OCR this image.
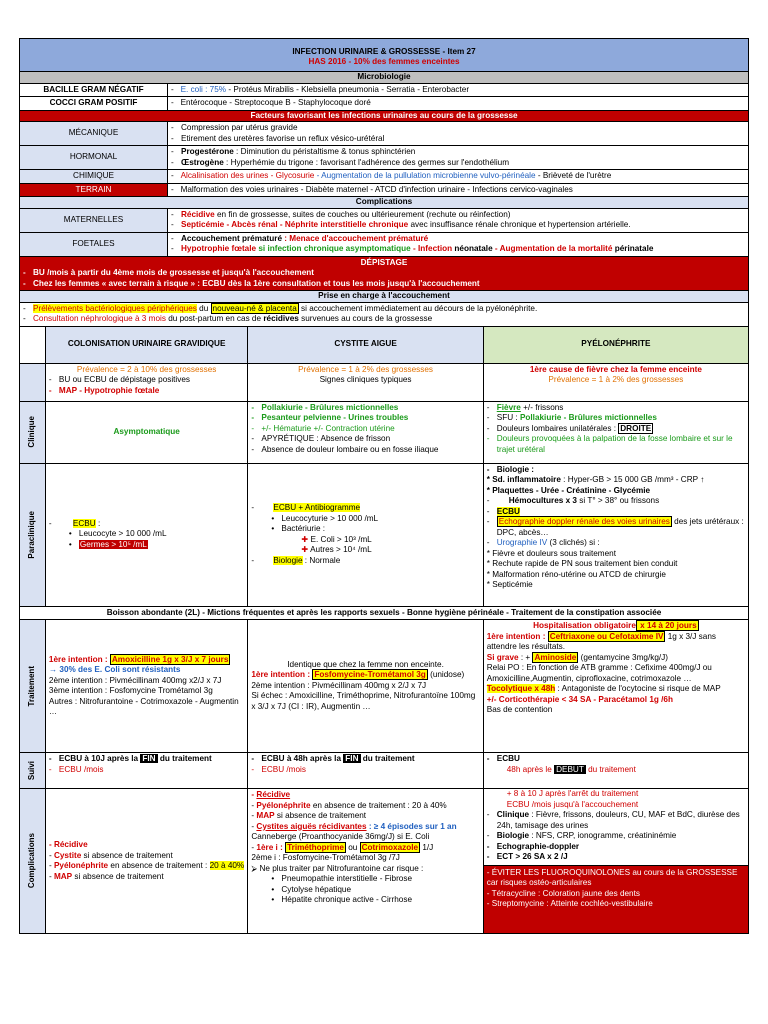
INFECTION URINAIRE & GROSSESSE - Item 27
HAS 2016 - 10% des femmes enceintes
Microbiologie
BACILLE GRAM NÉGATIF	-   E. coli : 75% - Protéus Mirabilis - Klebsiella pneumonia - Serratia - Enterobacter
COCCI GRAM POSITIF	-   Entérocoque - Streptocoque B - Staphylocoque doré
Facteurs favorisant les infections urinaires au cours de la grossesse
MÉCANIQUE
- Compression par utérus gravide
- Etirement des uretères favorise un reflux vésico-urétéral
HORMONAL
- Progestérone : Diminution du péristaltisme & tonus sphinctérien
- Œstrogène : Hyperhémie du trigone : favorisant l'adhérence des germes sur l'endothélium
CHIMIQUE	-   Alcalinisation des urines - Glycosurie - Augmentation de la pullulation microbienne vulvo-périnéale - Brièveté de l'urètre
TERRAIN	-   Malformation des voies urinaires - Diabète maternel - ATCD d'infection urinaire - Infections cervico-vaginales
Complications
MATERNELLES
- Récidive en fin de grossesse, suites de couches ou ultérieurement (rechute ou réinfection)
- Septicémie - Abcès rénal - Néphrite interstitielle chronique avec insuffisance rénale chronique et hypertension artérielle.
FOETALES
- Accouchement prématuré : Menace d'accouchement prématuré
- Hypotrophie fœtale si infection chronique asymptomatique - Infection néonatale - Augmentation de la mortalité périnatale
DÉPISTAGE
- BU /mois à partir du 4ème mois de grossesse et jusqu'à l'accouchement
- Chez les femmes « avec terrain à risque » : ECBU dès la 1ère consultation et tous les mois jusqu'à l'accouchement
Prise en charge à l'accouchement
- Prélèvements bactériologiques périphériques du nouveau-né & placenta si accouchement immédiatement au décours de la pyélonéphrite.
- Consultation néphrologique à 3 mois du post-partum en cas de récidives survenues au cours de la grossesse
COLONISATION URINAIRE GRAVIDIQUE	CYSTITE AIGUE	PYÉLONÉPHRITE
Prévalence = 2 à 10% des grossesses
- BU ou ECBU de dépistage positives
- MAP - Hypotrophie fœtale
Prévalence = 1 à 2% des grossesses
Signes cliniques typiques
1ère cause de fièvre chez la femme enceinte
Prévalence = 1 à 2% des grossesses
Clinique	Asymptomatique
- Pollakiurie - Brûlures mictionnelles
- Pesanteur pelvienne - Urines troubles
- +/- Hématurie +/- Contraction utérine
- APYRÉTIQUE : Absence de frisson
- Absence de douleur lombaire ou en fosse iliaque
- Fièvre +/- frissons
- SFU : Pollakiurie - Brûlures mictionnelles
- Douleurs lombaires unilatérales : DROITE
- Douleurs provoquées à la palpation de la fosse lombaire et sur le trajet urétéral
Paraclinique
-	ECBU :
• Leucocyte > 10 000 /mL
• Germes > 10⁵ /mL
- ECBU + Antibiogramme
• Leucocyturie > 10 000 /mL
• Bactériurie :
✚ E. Coli > 10³ /mL
✚ Autres > 10⁴ /mL
- Biologie : Normale
- Biologie :
* Sd. inflammatoire : Hyper-GB > 15 000 GB /mm³ - CRP ↑
* Plaquettes - Urée - Créatinine - Glycémie
- Hémocultures x 3 si T° > 38° ou frissons
- ECBU
- Echographie doppler rénale des voies urinaires des jets urétéraux : DPC, abcès…
- Urographie IV (3 clichés) si :
* Fièvre et douleurs sous traitement
* Rechute rapide de PN sous traitement bien conduit
* Malformation réno-utérine ou ATCD de chirurgie
* Septicémie
Boisson abondante (2L) - Mictions fréquentes et après les rapports sexuels - Bonne hygiène périnéale - Traitement de la constipation associée
Traitement
1ère intention : Amoxicilline 1g x 3/J x 7 jours
→ 30% des E. Coli sont résistants
2ème intention : Pivmécillinam 400mg x2/J x 7J
3ème intention : Fosfomycine Trométamol 3g
Autres : Nitrofurantoine - Cotrimoxazole - Augmentin …
Identique que chez la femme non enceinte.
1ère intention : Fosfomycine-Trométamol 3g (unidose)
2ème intention : Pivmécillinam 400mg x 2/J x 7J
Si échec : Amoxicilline, Triméthoprime, Nitrofurantoïne 100mg x 3/J x 7J (CI : IR), Augmentin …
Hospitalisation obligatoire x 14 à 20 jours
1ère intention : Ceftriaxone ou Cefotaxime IV 1g x 3/J sans attendre les résultats.
Si grave : + Aminoside (gentamycine 3mg/kg/J)
Relai PO : En fonction de ATB gramme : Cefixime 400mg/J ou Amoxicilline,Augmentin, ciprofloxacine, cotrimoxazole …
Tocolytique x 48h : Antagoniste de l'ocytocine si risque de MAP
+/- Corticothérapie < 34 SA - Paracétamol 1g /6h
Bas de contention
Suivi
- ECBU à 10J après la FIN du traitement
- ECBU /mois
- ECBU à 48h après la FIN du traitement
- ECBU /mois
- ECBU
48h après le DEBUT du traitement
Complications - Récidive
- Cystite si absence de traitement
- Pyélonéphrite en absence de traitement : 20 à 40%
- MAP si absence de traitement
- Récidive
- Pyélonéphrite en absence de traitement : 20 à 40%
- MAP si absence de traitement
- Cystites aiguës récidivantes : ≥ 4 épisodes sur 1 an
Canneberge (Proanthocyanide 36mg/J) si E. Coli
- 1ère i : Triméthoprime ou Cotrimoxazole 1/J
2ème i : Fosfomycine-Trométamol 3g /7J
⮚ Ne plus traiter par Nitrofurantoine car risque :
• Pneumopathie interstitielle - Fibrose
• Cytolyse hépatique
• Hépatite chronique active - Cirrhose
+ 8 à 10 J après l'arrêt du traitement
ECBU /mois jusqu'à l'accouchement
- Clinique : Fièvre, frissons, douleurs, CU, MAF et BdC, diurèse des 24h, tamisage des urines
- Biologie : NFS, CRP, ionogramme, créatininémie
- Echographie-doppler
- ECT > 26 SA x 2 /J
- ÉVITER LES FLUOROQUINOLONES au cours de la GROSSESSE car risques ostéo-articulaires
- Tétracycline : Coloration jaune des dents
- Streptomycine : Atteinte cochléo-vestibulaire
